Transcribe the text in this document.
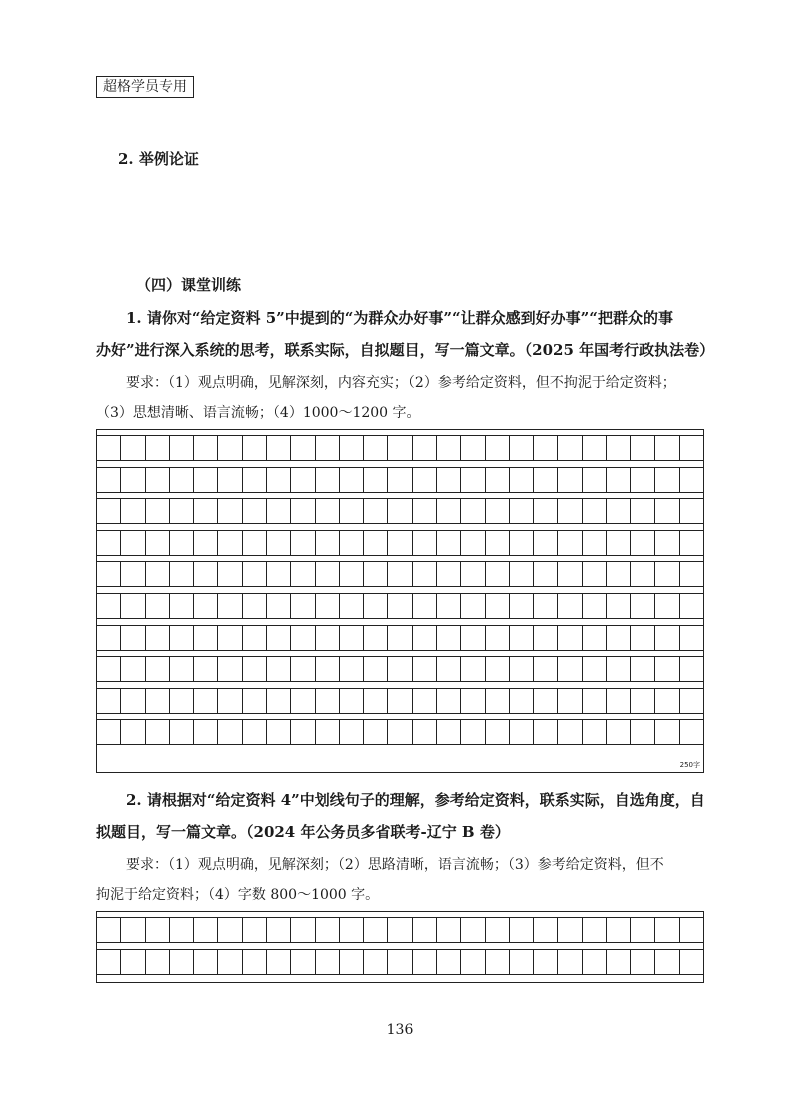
超格学员专用
2. 举例论证
（四）课堂训练
1. 请你对“给定资料 5”中提到的“为群众办好事”“让群众感到好办事”“把群众的事
办好”进行深入系统的思考，联系实际，自拟题目，写一篇文章。（2025 年国考行政执法卷）
要求：（1）观点明确，见解深刻，内容充实；（2）参考给定资料，但不拘泥于给定资料；
（3）思想清晰、语言流畅；（4）1000～1200 字。
250字
2. 请根据对“给定资料 4”中划线句子的理解，参考给定资料，联系实际，自选角度，自
拟题目，写一篇文章。（2024 年公务员多省联考-辽宁 B 卷）
要求：（1）观点明确，见解深刻；（2）思路清晰，语言流畅；（3）参考给定资料，但不
拘泥于给定资料；（4）字数 800～1000 字。
136
